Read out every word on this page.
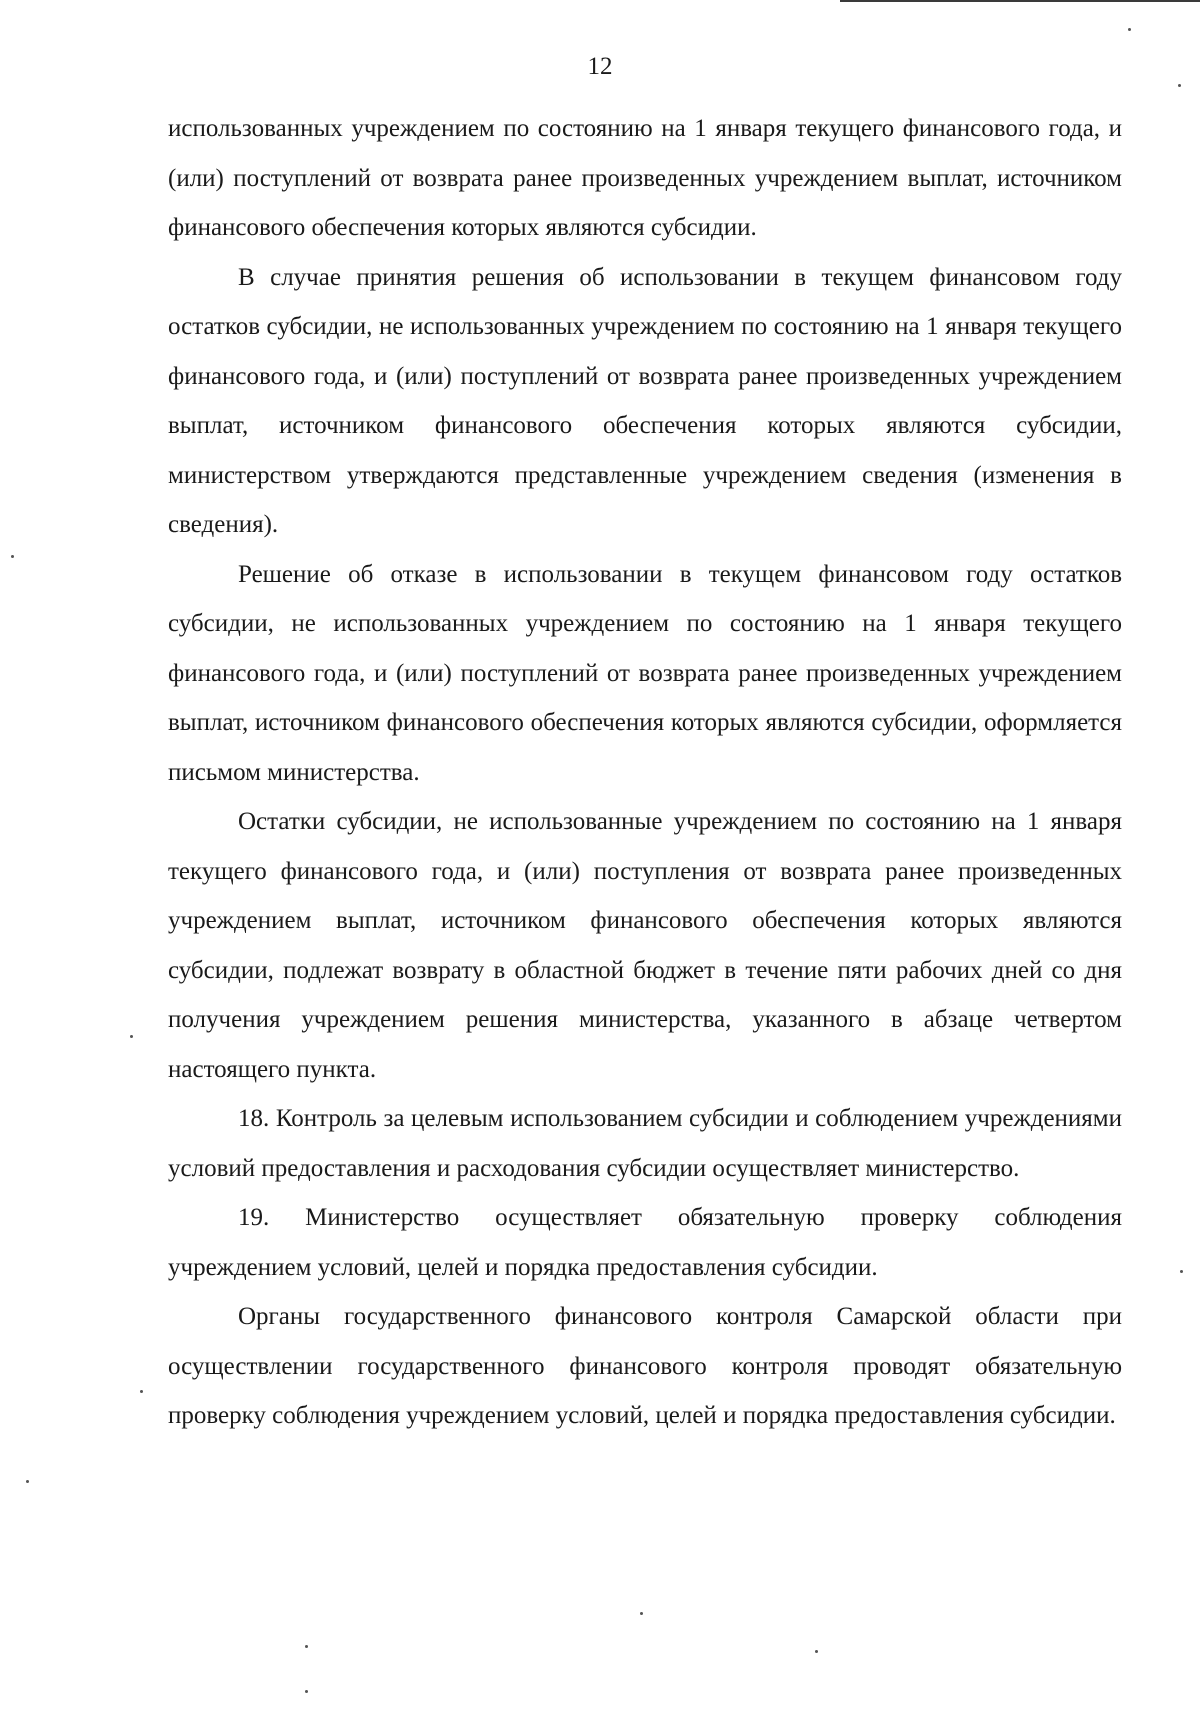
12

использованных учреждением по состоянию на 1 января текущего финансового года, и (или) поступлений от возврата ранее произведенных учреждением выплат, источником финансового обеспечения которых являются субсидии.

В случае принятия решения об использовании в текущем финансовом году остатков субсидии, не использованных учреждением по состоянию на 1 января текущего финансового года, и (или) поступлений от возврата ранее произведенных учреждением выплат, источником финансового обеспечения которых являются субсидии, министерством утверждаются представленные учреждением сведения (изменения в сведения).

Решение об отказе в использовании в текущем финансовом году остатков субсидии, не использованных учреждением по состоянию на 1 января текущего финансового года, и (или) поступлений от возврата ранее произведенных учреждением выплат, источником финансового обеспечения которых являются субсидии, оформляется письмом министерства.

Остатки субсидии, не использованные учреждением по состоянию на 1 января текущего финансового года, и (или) поступления от возврата ранее произведенных учреждением выплат, источником финансового обеспечения которых являются субсидии, подлежат возврату в областной бюджет в течение пяти рабочих дней со дня получения учреждением решения министерства, указанного в абзаце четвертом настоящего пункта.

18. Контроль за целевым использованием субсидии и соблюдением учреждениями условий предоставления и расходования субсидии осуществляет министерство.

19. Министерство осуществляет обязательную проверку соблюдения учреждением условий, целей и порядка предоставления субсидии.

Органы государственного финансового контроля Самарской области при осуществлении государственного финансового контроля проводят обязательную проверку соблюдения учреждением условий, целей и порядка предоставления субсидии.
